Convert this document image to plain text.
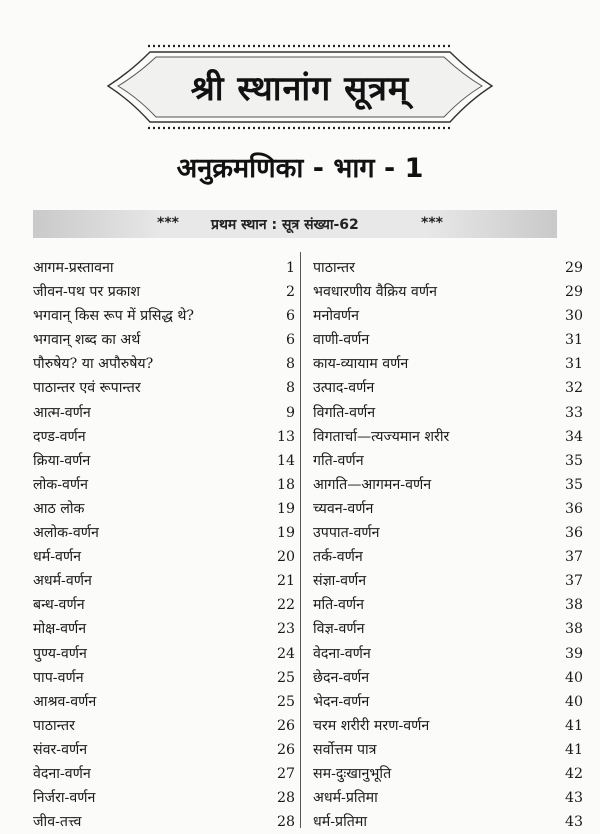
श्री स्थानांग सूत्रम्
अनुक्रमणिका - भाग - 1
*** प्रथम स्थान : सूत्र संख्या-62	***
आगम-प्रस्तावना	1
जीवन-पथ पर प्रकाश	2
भगवान् किस रूप में प्रसिद्ध थे?	6
भगवान् शब्द का अर्थ	6
पौरुषेय? या अपौरुषेय?	8
पाठान्तर एवं रूपान्तर	8
आत्म-वर्णन	9
दण्ड-वर्णन	13
क्रिया-वर्णन	14
लोक-वर्णन	18
आठ लोक	19
अलोक-वर्णन	19
धर्म-वर्णन	20
अधर्म-वर्णन	21
बन्ध-वर्णन	22
मोक्ष-वर्णन	23
पुण्य-वर्णन	24
पाप-वर्णन	25
आश्रव-वर्णन	25
पाठान्तर	26
संवर-वर्णन	26
वेदना-वर्णन	27
निर्जरा-वर्णन	28
जीव-तत्त्व	28
पाठान्तर	29
भवधारणीय वैक्रिय वर्णन	29
मनोवर्णन	30
वाणी-वर्णन	31
काय-व्यायाम वर्णन	31
उत्पाद-वर्णन	32
विगति-वर्णन	33
विगतार्चा—त्यज्यमान शरीर	34
गति-वर्णन	35
आगति—आगमन-वर्णन	35
च्यवन-वर्णन	36
उपपात-वर्णन	36
तर्क-वर्णन	37
संज्ञा-वर्णन	37
मति-वर्णन	38
विज्ञ-वर्णन	38
वेदना-वर्णन	39
छेदन-वर्णन	40
भेदन-वर्णन	40
चरम शरीरी मरण-वर्णन	41
सर्वोत्तम पात्र	41
सम-दुःखानुभूति	42
अधर्म-प्रतिमा	43
धर्म-प्रतिमा	43
